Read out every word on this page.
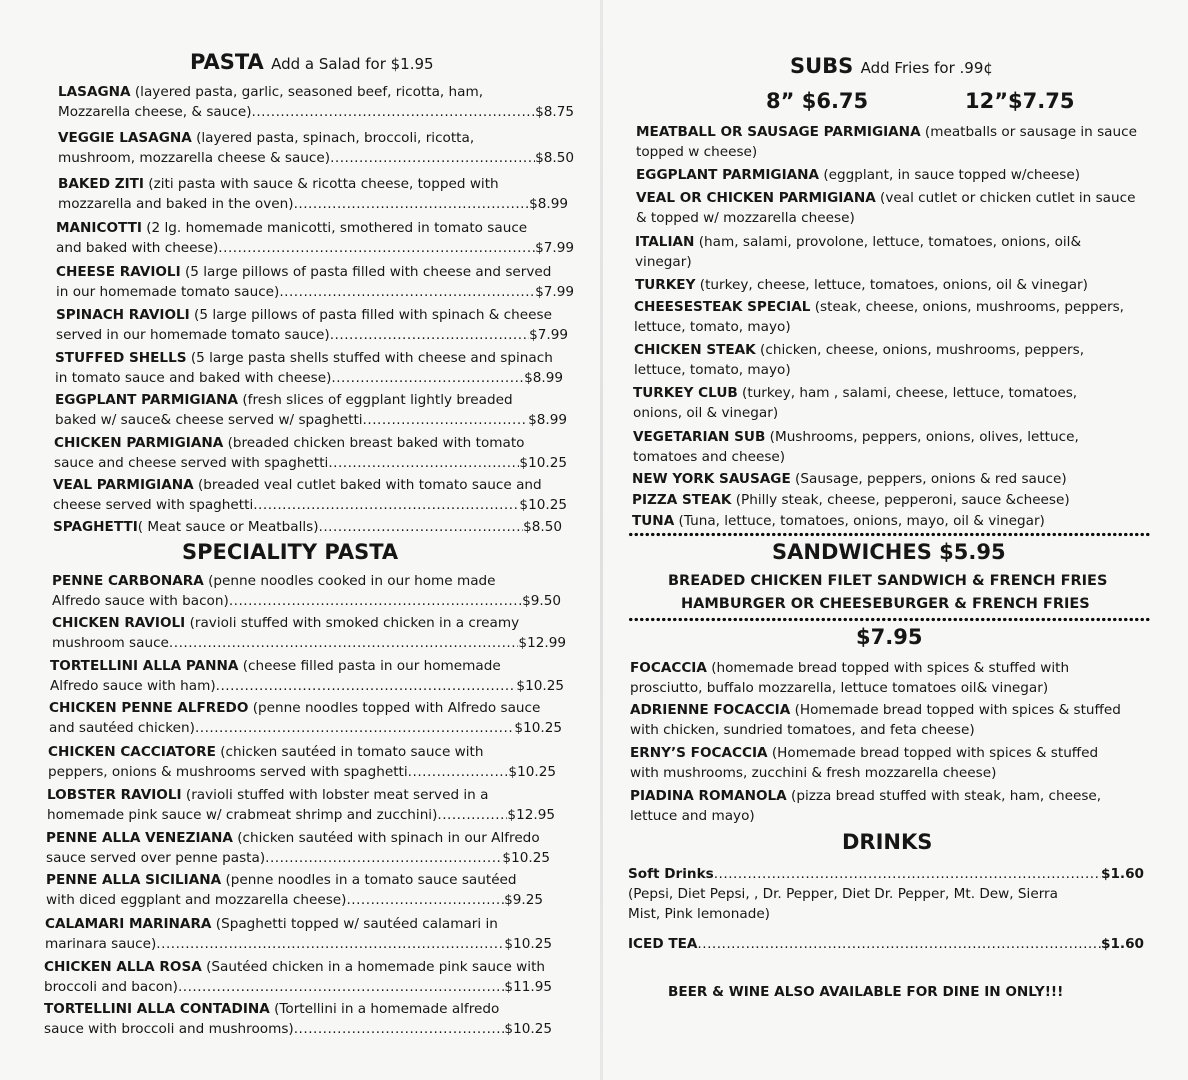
PASTA Add a Salad for $1.95
LASAGNA (layered pasta, garlic, seasoned beef, ricotta, ham,
Mozzarella cheese, & sauce) .....	$8.75
VEGGIE LASAGNA (layered pasta, spinach, broccoli, ricotta,
mushroom, mozzarella cheese & sauce) .....	$8.50
BAKED ZITI (ziti pasta with sauce & ricotta cheese, topped with
mozzarella and baked in the oven) .....	$8.99
MANICOTTI (2 lg. homemade manicotti, smothered in tomato sauce
and baked with cheese) .....	$7.99
CHEESE RAVIOLI (5 large pillows of pasta filled with cheese and served
in our homemade tomato sauce) .....	$7.99
SPINACH RAVIOLI (5 large pillows of pasta filled with spinach & cheese
served in our homemade tomato sauce) .....	$7.99
STUFFED SHELLS (5 large pasta shells stuffed with cheese and spinach
in tomato sauce and baked with cheese) .....	$8.99
EGGPLANT PARMIGIANA (fresh slices of eggplant lightly breaded
baked w/ sauce& cheese served w/ spaghetti .....	$8.99
CHICKEN PARMIGIANA (breaded chicken breast baked with tomato
sauce and cheese served with spaghetti .....	$10.25
VEAL PARMIGIANA (breaded veal cutlet baked with tomato sauce and
cheese served with spaghetti .....	$10.25
SPAGHETTI ( Meat sauce or Meatballs) .....	$8.50
SPECIALITY PASTA
PENNE CARBONARA (penne noodles cooked in our home made
Alfredo sauce with bacon) .....	$9.50
CHICKEN RAVIOLI (ravioli stuffed with smoked chicken in a creamy
mushroom sauce .....	$12.99
TORTELLINI ALLA PANNA (cheese filled pasta in our homemade
Alfredo sauce with ham) .....	$10.25
CHICKEN PENNE ALFREDO (penne noodles topped with Alfredo sauce
and sautéed chicken) .....	$10.25
CHICKEN CACCIATORE (chicken sautéed in tomato sauce with
peppers, onions & mushrooms served with spaghetti .....	$10.25
LOBSTER RAVIOLI (ravioli stuffed with lobster meat served in a
homemade pink sauce w/ crabmeat shrimp and zucchini) .....	$12.95
PENNE ALLA VENEZIANA (chicken sautéed with spinach in our Alfredo
sauce served over penne pasta) .....	$10.25
PENNE ALLA SICILIANA (penne noodles in a tomato sauce sautéed
with diced eggplant and mozzarella cheese) .....	$9.25
CALAMARI MARINARA (Spaghetti topped w/ sautéed calamari in
marinara sauce) .....	$10.25
CHICKEN ALLA ROSA (Sautéed chicken in a homemade pink sauce with
broccoli and bacon) .....	$11.95
TORTELLINI ALLA CONTADINA (Tortellini in a homemade alfredo
sauce with broccoli and mushrooms) .....	$10.25
SUBS Add Fries for .99¢
8” $6.75	12”$7.75
MEATBALL OR SAUSAGE PARMIGIANA (meatballs or sausage in sauce
topped w cheese)
EGGPLANT PARMIGIANA (eggplant, in sauce topped w/cheese)
VEAL OR CHICKEN PARMIGIANA (veal cutlet or chicken cutlet in sauce
& topped w/ mozzarella cheese)
ITALIAN (ham, salami, provolone, lettuce, tomatoes, onions, oil&
vinegar)
TURKEY (turkey, cheese, lettuce, tomatoes, onions, oil & vinegar)
CHEESESTEAK SPECIAL (steak, cheese, onions, mushrooms, peppers,
lettuce, tomato, mayo)
CHICKEN STEAK (chicken, cheese, onions, mushrooms, peppers,
lettuce, tomato, mayo)
TURKEY CLUB (turkey, ham , salami, cheese, lettuce, tomatoes,
onions, oil & vinegar)
VEGETARIAN SUB (Mushrooms, peppers, onions, olives, lettuce,
tomatoes and cheese)
NEW YORK SAUSAGE (Sausage, peppers, onions & red sauce)
PIZZA STEAK (Philly steak, cheese, pepperoni, sauce &cheese)
TUNA (Tuna, lettuce, tomatoes, onions, mayo, oil & vinegar)
SANDWICHES $5.95
BREADED CHICKEN FILET SANDWICH & FRENCH FRIES
HAMBURGER OR CHEESEBURGER & FRENCH FRIES
$7.95
FOCACCIA (homemade bread topped with spices & stuffed with
prosciutto, buffalo mozzarella, lettuce tomatoes oil& vinegar)
ADRIENNE FOCACCIA (Homemade bread topped with spices & stuffed
with chicken, sundried tomatoes, and feta cheese)
ERNY’S FOCACCIA (Homemade bread topped with spices & stuffed
with mushrooms, zucchini & fresh mozzarella cheese)
PIADINA ROMANOLA (pizza bread stuffed with steak, ham, cheese,
lettuce and mayo)
DRINKS
Soft Drinks .....	$1.60
(Pepsi, Diet Pepsi, , Dr. Pepper, Diet Dr. Pepper, Mt. Dew, Sierra
Mist, Pink lemonade)
ICED TEA .....	$1.60
BEER & WINE ALSO AVAILABLE FOR DINE IN ONLY!!!
